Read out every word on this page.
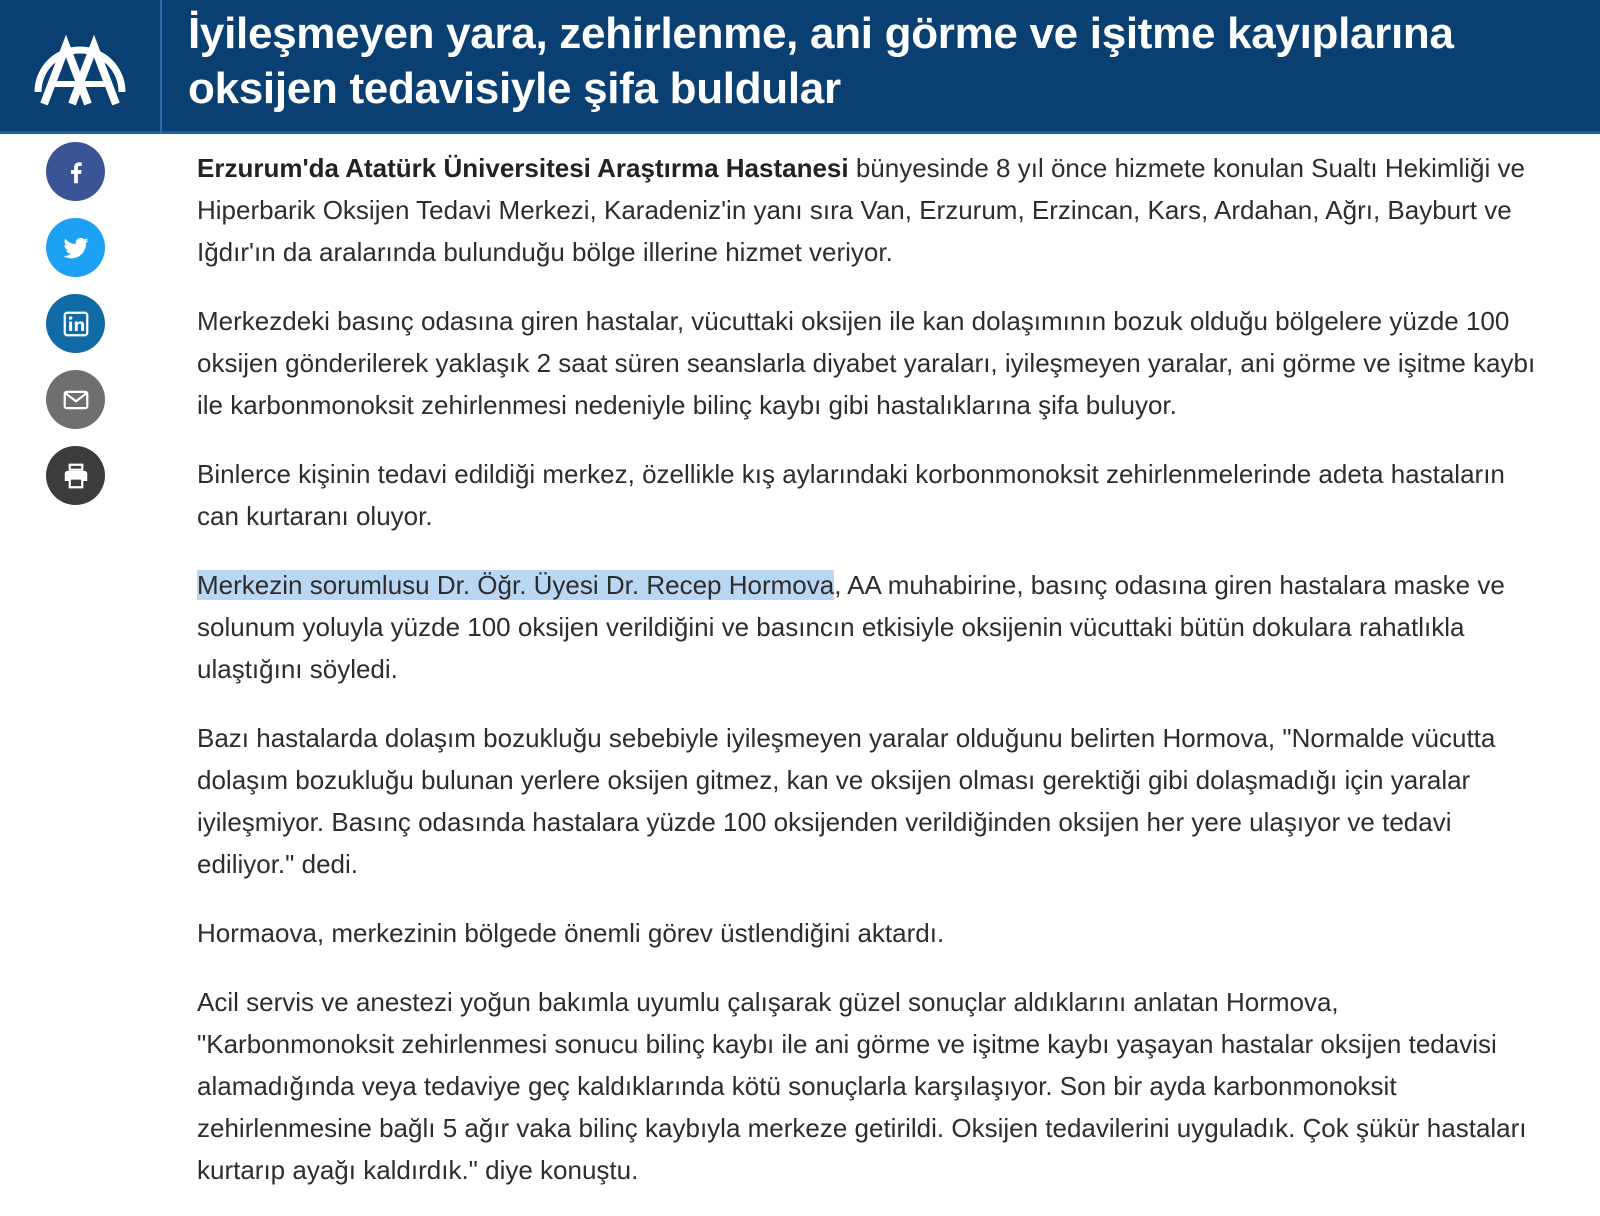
İyileşmeyen yara, zehirlenme, ani görme ve işitme kayıplarına oksijen tedavisiyle şifa buldular

Erzurum'da Atatürk Üniversitesi Araştırma Hastanesi bünyesinde 8 yıl önce hizmete konulan Sualtı Hekimliği ve Hiperbarik Oksijen Tedavi Merkezi, Karadeniz'in yanı sıra Van, Erzurum, Erzincan, Kars, Ardahan, Ağrı, Bayburt ve Iğdır'ın da aralarında bulunduğu bölge illerine hizmet veriyor.

Merkezdeki basınç odasına giren hastalar, vücuttaki oksijen ile kan dolaşımının bozuk olduğu bölgelere yüzde 100 oksijen gönderilerek yaklaşık 2 saat süren seanslarla diyabet yaraları, iyileşmeyen yaralar, ani görme ve işitme kaybı ile karbonmonoksit zehirlenmesi nedeniyle bilinç kaybı gibi hastalıklarına şifa buluyor.

Binlerce kişinin tedavi edildiği merkez, özellikle kış aylarındaki korbonmonoksit zehirlenmelerinde adeta hastaların can kurtaranı oluyor.

Merkezin sorumlusu Dr. Öğr. Üyesi Dr. Recep Hormova, AA muhabirine, basınç odasına giren hastalara maske ve solunum yoluyla yüzde 100 oksijen verildiğini ve basıncın etkisiyle oksijenin vücuttaki bütün dokulara rahatlıkla ulaştığını söyledi.

Bazı hastalarda dolaşım bozukluğu sebebiyle iyileşmeyen yaralar olduğunu belirten Hormova, "Normalde vücutta dolaşım bozukluğu bulunan yerlere oksijen gitmez, kan ve oksijen olması gerektiği gibi dolaşmadığı için yaralar iyileşmiyor. Basınç odasında hastalara yüzde 100 oksijenden verildiğinden oksijen her yere ulaşıyor ve tedavi ediliyor." dedi.

Hormaova, merkezinin bölgede önemli görev üstlendiğini aktardı.

Acil servis ve anestezi yoğun bakımla uyumlu çalışarak güzel sonuçlar aldıklarını anlatan Hormova, "Karbonmonoksit zehirlenmesi sonucu bilinç kaybı ile ani görme ve işitme kaybı yaşayan hastalar oksijen tedavisi alamadığında veya tedaviye geç kaldıklarında kötü sonuçlarla karşılaşıyor. Son bir ayda karbonmonoksit zehirlenmesine bağlı 5 ağır vaka bilinç kaybıyla merkeze getirildi. Oksijen tedavilerini uyguladık. Çok şükür hastaları kurtarıp ayağı kaldırdık." diye konuştu.
